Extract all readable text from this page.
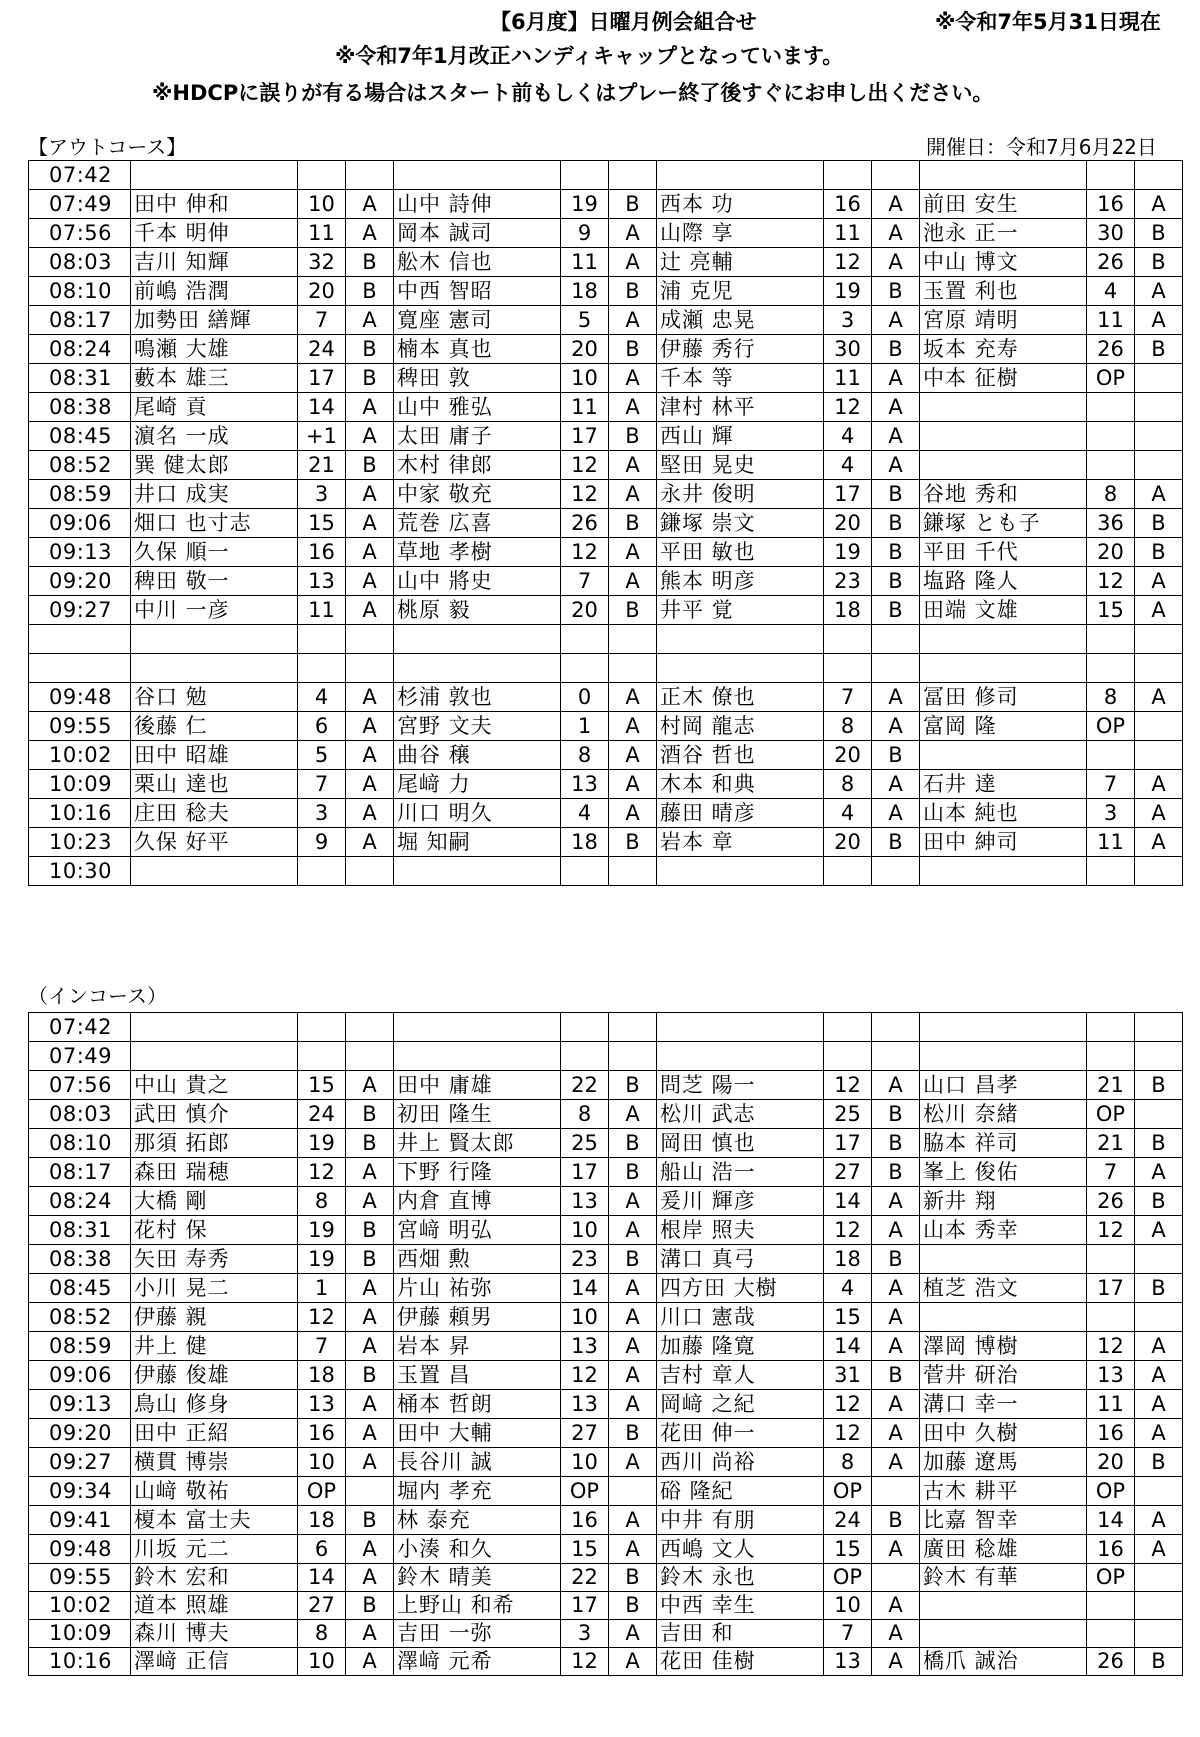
【6月度】日曜月例会組合せ	※令和7年5月31日現在
※令和7年1月改正ハンディキャップとなっています。
※HDCPに誤りが有る場合はスタート前もしくはプレー終了後すぐにお申し出ください。
【アウトコース】	開催日：令和7月6月22日
07:42												
07:49	田中 伸和	10	A	山中 詩伸	19	B	西本 功	16	A	前田 安生	16	A
07:56	千本 明伸	11	A	岡本 誠司	9	A	山際 享	11	A	池永 正一	30	B
08:03	吉川 知輝	32	B	舩木 信也	11	A	辻 亮輔	12	A	中山 博文	26	B
08:10	前嶋 浩潤	20	B	中西 智昭	18	B	浦 克児	19	B	玉置 利也	4	A
08:17	加勢田 繕輝	7	A	寛座 憲司	5	A	成瀬 忠晃	3	A	宮原 靖明	11	A
08:24	鳴瀬 大雄	24	B	楠本 真也	20	B	伊藤 秀行	30	B	坂本 充寿	26	B
08:31	藪本 雄三	17	B	稗田 敦	10	A	千本 等	11	A	中本 征樹	OP	
08:38	尾崎 貢	14	A	山中 雅弘	11	A	津村 林平	12	A			
08:45	濵名 一成	+1	A	太田 庸子	17	B	西山 輝	4	A			
08:52	巽 健太郎	21	B	木村 律郎	12	A	堅田 晃史	4	A			
08:59	井口 成実	3	A	中家 敬充	12	A	永井 俊明	17	B	谷地 秀和	8	A
09:06	畑口 也寸志	15	A	荒巻 広喜	26	B	鎌塚 崇文	20	B	鎌塚 とも子	36	B
09:13	久保 順一	16	A	草地 孝樹	12	A	平田 敏也	19	B	平田 千代	20	B
09:20	稗田 敬一	13	A	山中 將史	7	A	熊本 明彦	23	B	塩路 隆人	12	A
09:27	中川 一彦	11	A	桃原 毅	20	B	井平 覚	18	B	田端 文雄	15	A

09:48	谷口 勉	4	A	杉浦 敦也	0	A	正木 僚也	7	A	冨田 修司	8	A
09:55	後藤 仁	6	A	宮野 文夫	1	A	村岡 龍志	8	A	富岡 隆	OP	
10:02	田中 昭雄	5	A	曲谷 穣	8	A	酒谷 哲也	20	B			
10:09	栗山 達也	7	A	尾﨑 力	13	A	木本 和典	8	A	石井 達	7	A
10:16	庄田 稔夫	3	A	川口 明久	4	A	藤田 晴彦	4	A	山本 純也	3	A
10:23	久保 好平	9	A	堀 知嗣	18	B	岩本 章	20	B	田中 紳司	11	A
10:30												
（インコース）
07:42												
07:49												
07:56	中山 貴之	15	A	田中 庸雄	22	B	問芝 陽一	12	A	山口 昌孝	21	B
08:03	武田 慎介	24	B	初田 隆生	8	A	松川 武志	25	B	松川 奈緒	OP	
08:10	那須 拓郎	19	B	井上 賢太郎	25	B	岡田 慎也	17	B	脇本 祥司	21	B
08:17	森田 瑞穂	12	A	下野 行隆	17	B	船山 浩一	27	B	峯上 俊佑	7	A
08:24	大橋 剛	8	A	内倉 直博	13	A	爰川 輝彦	14	A	新井 翔	26	B
08:31	花村 保	19	B	宮﨑 明弘	10	A	根岸 照夫	12	A	山本 秀幸	12	A
08:38	矢田 寿秀	19	B	西畑 勲	23	B	溝口 真弓	18	B			
08:45	小川 晃二	1	A	片山 祐弥	14	A	四方田 大樹	4	A	植芝 浩文	17	B
08:52	伊藤 親	12	A	伊藤 頼男	10	A	川口 憲哉	15	A			
08:59	井上 健	7	A	岩本 昇	13	A	加藤 隆寛	14	A	澤岡 博樹	12	A
09:06	伊藤 俊雄	18	B	玉置 昌	12	A	吉村 章人	31	B	菅井 研治	13	A
09:13	鳥山 修身	13	A	桶本 哲朗	13	A	岡﨑 之紀	12	A	溝口 幸一	11	A
09:20	田中 正紹	16	A	田中 大輔	27	B	花田 伸一	12	A	田中 久樹	16	A
09:27	横貫 博崇	10	A	長谷川 誠	10	A	西川 尚裕	8	A	加藤 遼馬	20	B
09:34	山﨑 敬祐	OP		堀内 孝充	OP		硲 隆紀	OP		古木 耕平	OP	
09:41	榎本 富士夫	18	B	林 泰充	16	A	中井 有朋	24	B	比嘉 智幸	14	A
09:48	川坂 元二	6	A	小湊 和久	15	A	西嶋 文人	15	A	廣田 稔雄	16	A
09:55	鈴木 宏和	14	A	鈴木 晴美	22	B	鈴木 永也	OP		鈴木 有華	OP	
10:02	道本 照雄	27	B	上野山 和希	17	B	中西 幸生	10	A			
10:09	森川 博夫	8	A	吉田 一弥	3	A	吉田 和	7	A			
10:16	澤﨑 正信	10	A	澤﨑 元希	12	A	花田 佳樹	13	A	橋爪 誠治	26	B
